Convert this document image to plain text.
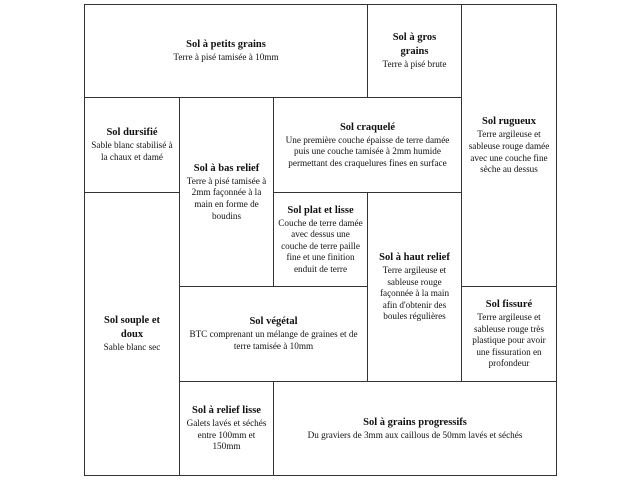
Sol à petits grains
Terre à pisé tamisée à 10mm
Sol à gros grains
Terre à pisé brute
Sol rugueux
Terre argileuse et sableuse rouge damée avec une couche fine sèche au dessus
Sol dursifié
Sable blanc stabilisé à la chaux et damé
Sol à bas relief
Terre à pisé tamisée à 2mm façonnée à la main en forme de boudins
Sol craquelé
Une première couche épaisse de terre damée puis une couche tamisée à 2mm humide permettant des craquelures fines en surface
Sol plat et lisse
Couche de terre damée avec dessus une couche de terre paille fine et une finition enduit de terre
Sol à haut relief
Terre argileuse et sableuse rouge façonnée à la main afin d'obtenir des boules régulières
Sol souple et doux
Sable blanc sec
Sol végétal
BTC comprenant un mélange de graines et de terre tamisée à 10mm
Sol fissuré
Terre argileuse et sableuse rouge très plastique pour avoir une fissuration en profondeur
Sol à relief lisse
Galets lavés et séchés entre 100mm et 150mm
Sol à grains progressifs
Du graviers de 3mm aux caillous de 50mm lavés et séchés
